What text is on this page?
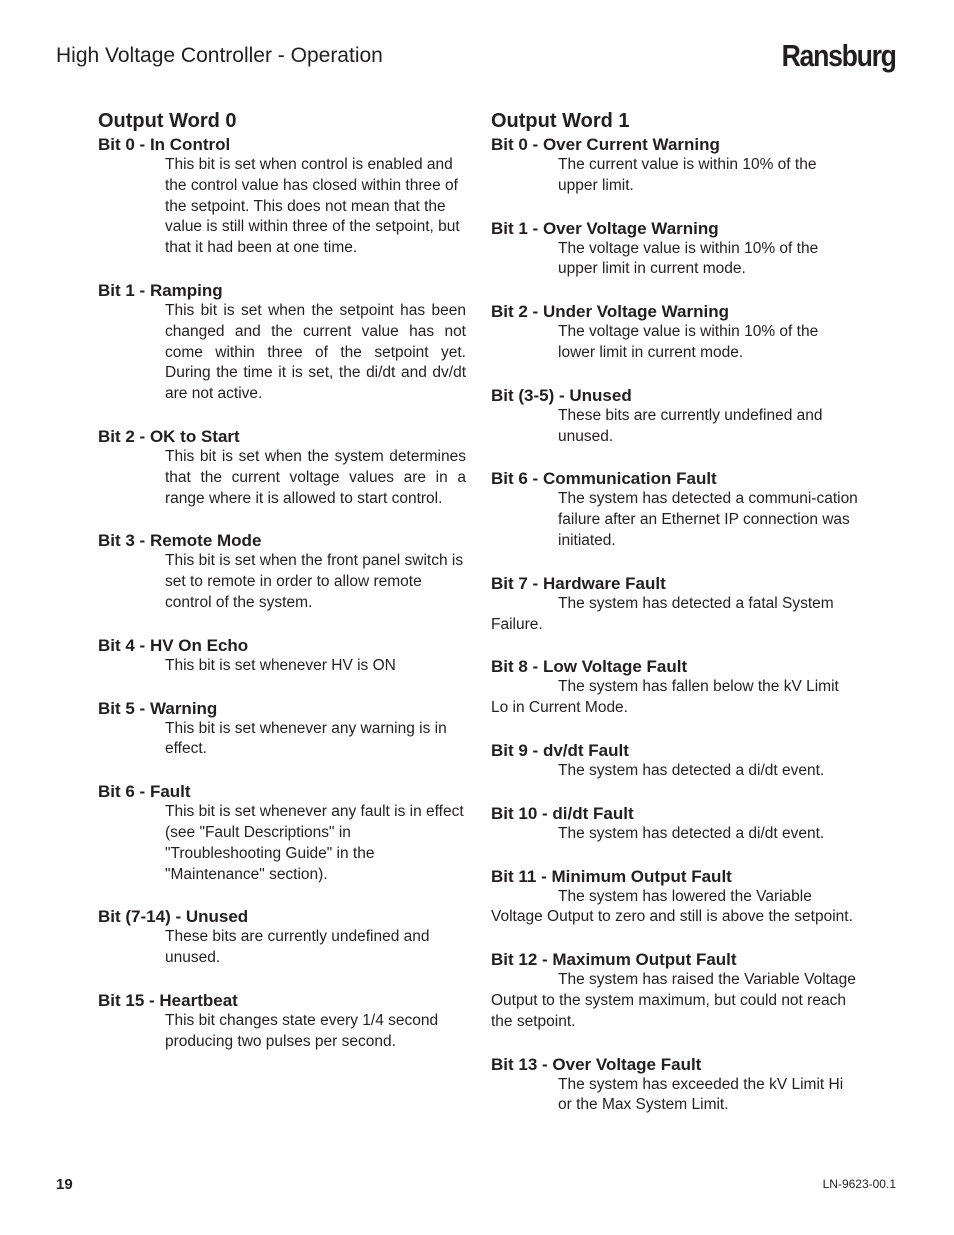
High Voltage Controller - Operation	Ransburg
Output Word 0
Bit 0 - In Control
This bit is set when control is enabled and the control value has closed within three of the setpoint. This does not mean that the value is still within three of the setpoint, but that it had been at one time.
Bit 1 - Ramping
This bit is set when the setpoint has been changed and the current value has not come within three of the setpoint yet. During the time it is set, the di/dt and dv/dt are not active.
Bit 2 - OK to Start
This bit is set when the system determines that the current voltage values are in a range where it is allowed to start control.
Bit 3 - Remote Mode
This bit is set when the front panel switch is set to remote in order to allow remote control of the system.
Bit 4 - HV On Echo
This bit is set whenever HV is ON
Bit 5 - Warning
This bit is set whenever any warning is in effect.
Bit 6 - Fault
This bit is set whenever any fault is in effect (see "Fault Descriptions" in "Troubleshooting Guide" in the "Maintenance" section).
Bit (7-14) - Unused
These bits are currently undefined and unused.
Bit 15 - Heartbeat
This bit changes state every 1/4 second producing two pulses per second.
Output Word 1
Bit 0 - Over Current Warning
The current value is within 10% of the upper limit.
Bit 1 - Over Voltage Warning
The voltage value is within 10% of the upper limit in current mode.
Bit 2 - Under Voltage Warning
The voltage value is within 10% of the lower limit in current mode.
Bit (3-5) - Unused
These bits are currently undefined and unused.
Bit 6 - Communication Fault
The system has detected a communi-cation failure after an Ethernet IP connection was initiated.
Bit 7 - Hardware Fault
The system has detected a fatal System Failure.
Bit 8 - Low Voltage Fault
The system has fallen below the kV Limit Lo in Current Mode.
Bit 9 - dv/dt Fault
The system has detected a di/dt event.
Bit 10 - di/dt Fault
The system has detected a di/dt event.
Bit 11 - Minimum Output Fault
The system has lowered the Variable Voltage Output to zero and still is above the setpoint.
Bit 12 - Maximum Output Fault
The system has raised the Variable Voltage Output to the system maximum, but could not reach the setpoint.
Bit 13 - Over Voltage Fault
The system has exceeded the kV Limit Hi or the Max System Limit.
19	LN-9623-00.1
